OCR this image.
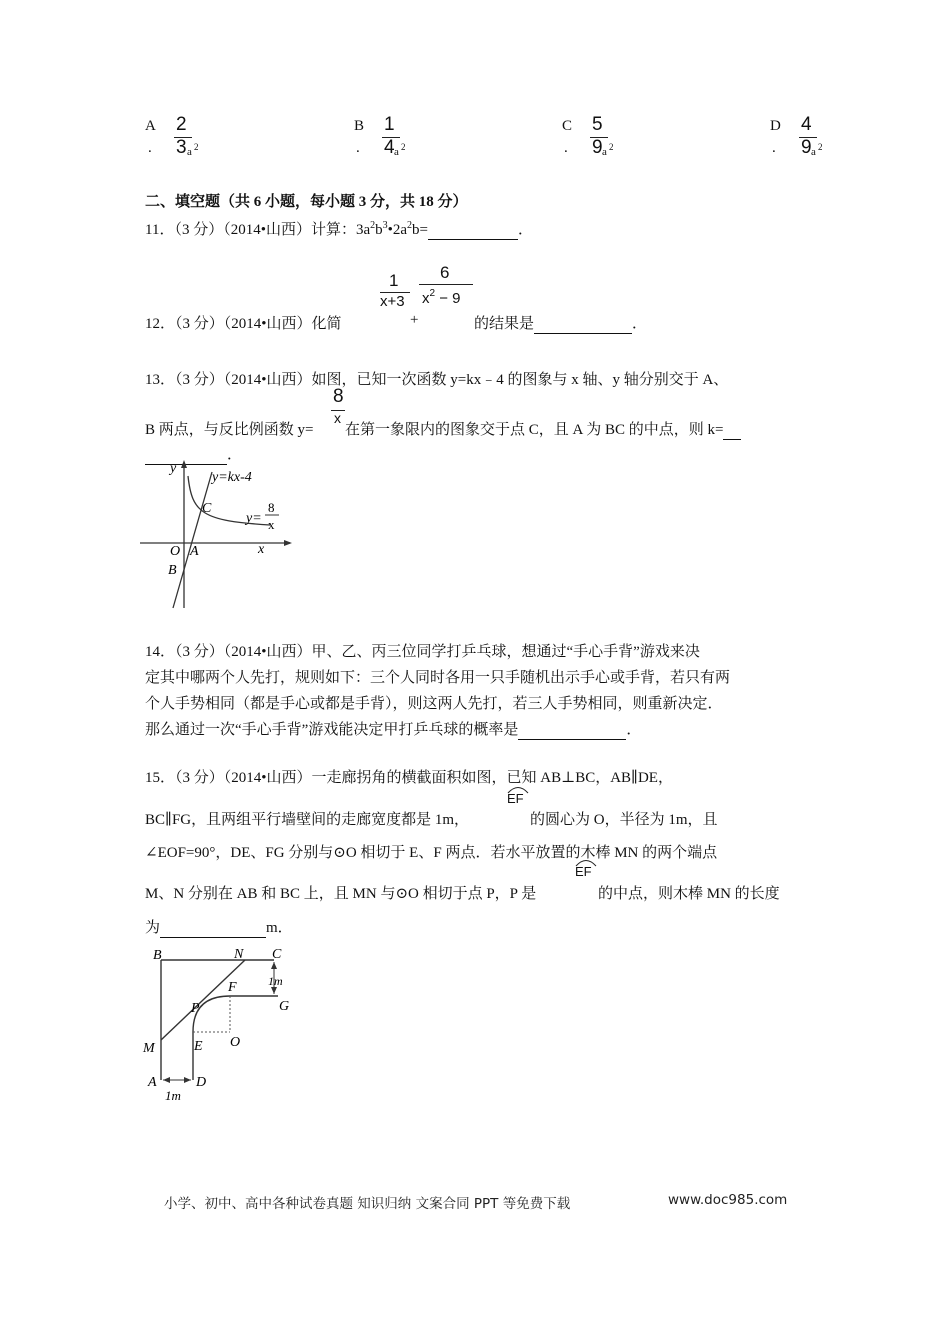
A
.
2
3 a 2
B
.
1
4 a 2
C
.
5
9 a 2
D
.
4
9 a 2
二、填空题（共 6 小题，每小题 3 分，共 18 分）
11．（3 分）（2014•山西）计算：$3a^2b^3•2a^2b=$	．
1
x+3
6
$x^2 - 9$
12．（3 分）（2014•山西）化简	+	的结果是	．
13．（3 分）（2014•山西）如图，已知一次函数 y=kx﹣4 的图象与 x 轴、y 轴分别交于 A、
8
x
B 两点，与反比例函数 y= 在第一象限内的图象交于点 C，且 A 为 BC 的中点，则 k=
．
y
x
y=kx-4
C
O A
B
y=
8
x
14．（3 分）（2014•山西）甲、乙、丙三位同学打乒乓球，想通过“手心手背”游戏来决
定其中哪两个人先打，规则如下：三个人同时各用一只手随机出示手心或手背，若只有两
个人手势相同（都是手心或都是手背），则这两人先打，若三人手势相同，则重新决定．
那么通过一次“手心手背”游戏能决定甲打乒乓球的概率是	．
15．（3 分）（2014•山西）一走廊拐角的横截面积如图，已知 AB⊥BC，AB∥DE，
BC∥FG，且两组平行墙壁间的走廊宽度都是 1m，
EF
的圆心为 O，半径为 1m，且
∠EOF=90°，DE、FG 分别与⊙O 相切于 E、F 两点．若水平放置的木棒 MN 的两个端点
M、N 分别在 AB 和 BC 上，且 MN 与⊙O 相切于点 P，P 是
EF
的中点，则木棒 MN 的长度
为	m．
B	N C
1m
P
F
G
M	E O
A	D
1m
小学、初中、高中各种试卷真题 知识归纳 文案合同 PPT 等免费下载	www.doc985.com
